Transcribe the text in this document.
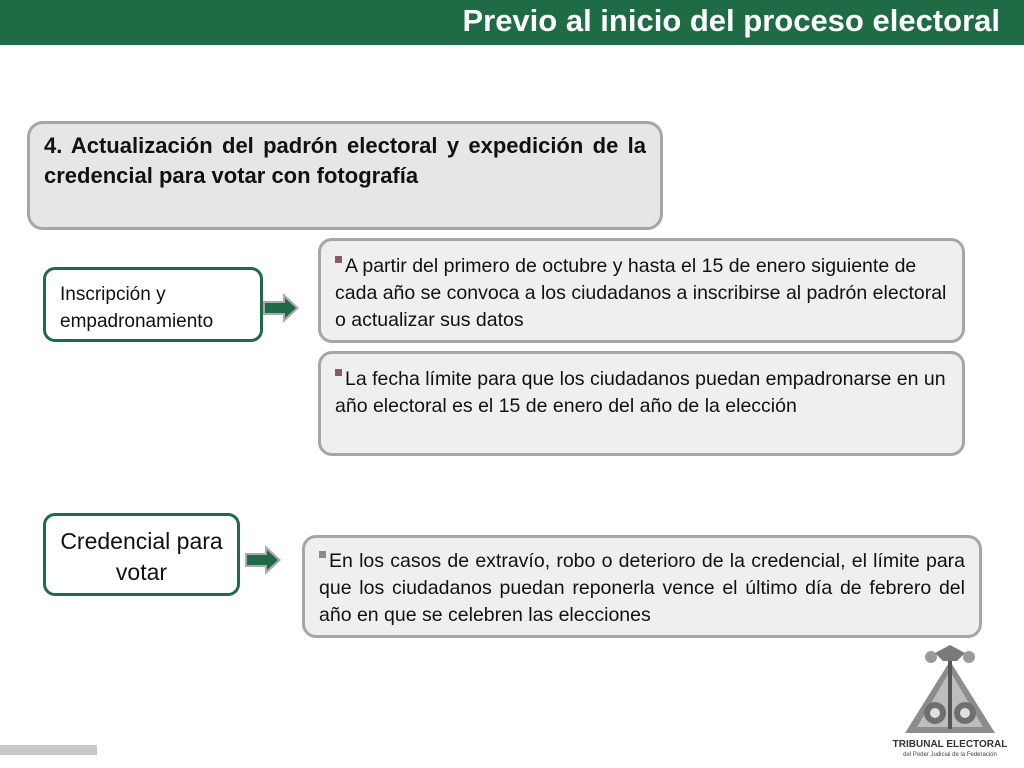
Previo al inicio del proceso electoral
4. Actualización del padrón electoral y expedición de la credencial para votar con fotografía
Inscripción y empadronamiento
A partir del primero de octubre y hasta el 15 de enero siguiente de cada año se convoca a los ciudadanos a inscribirse al padrón electoral o actualizar sus datos
La fecha límite para que los ciudadanos puedan empadronarse en un año electoral es el 15 de enero del año de la elección
Credencial para votar	En los casos de extravío, robo o deterioro de la credencial, el límite para que los ciudadanos puedan reponerla vence el último día de febrero del año en que se celebren las elecciones
TRIBUNAL ELECTORAL
del Poder Judicial de la Federación
